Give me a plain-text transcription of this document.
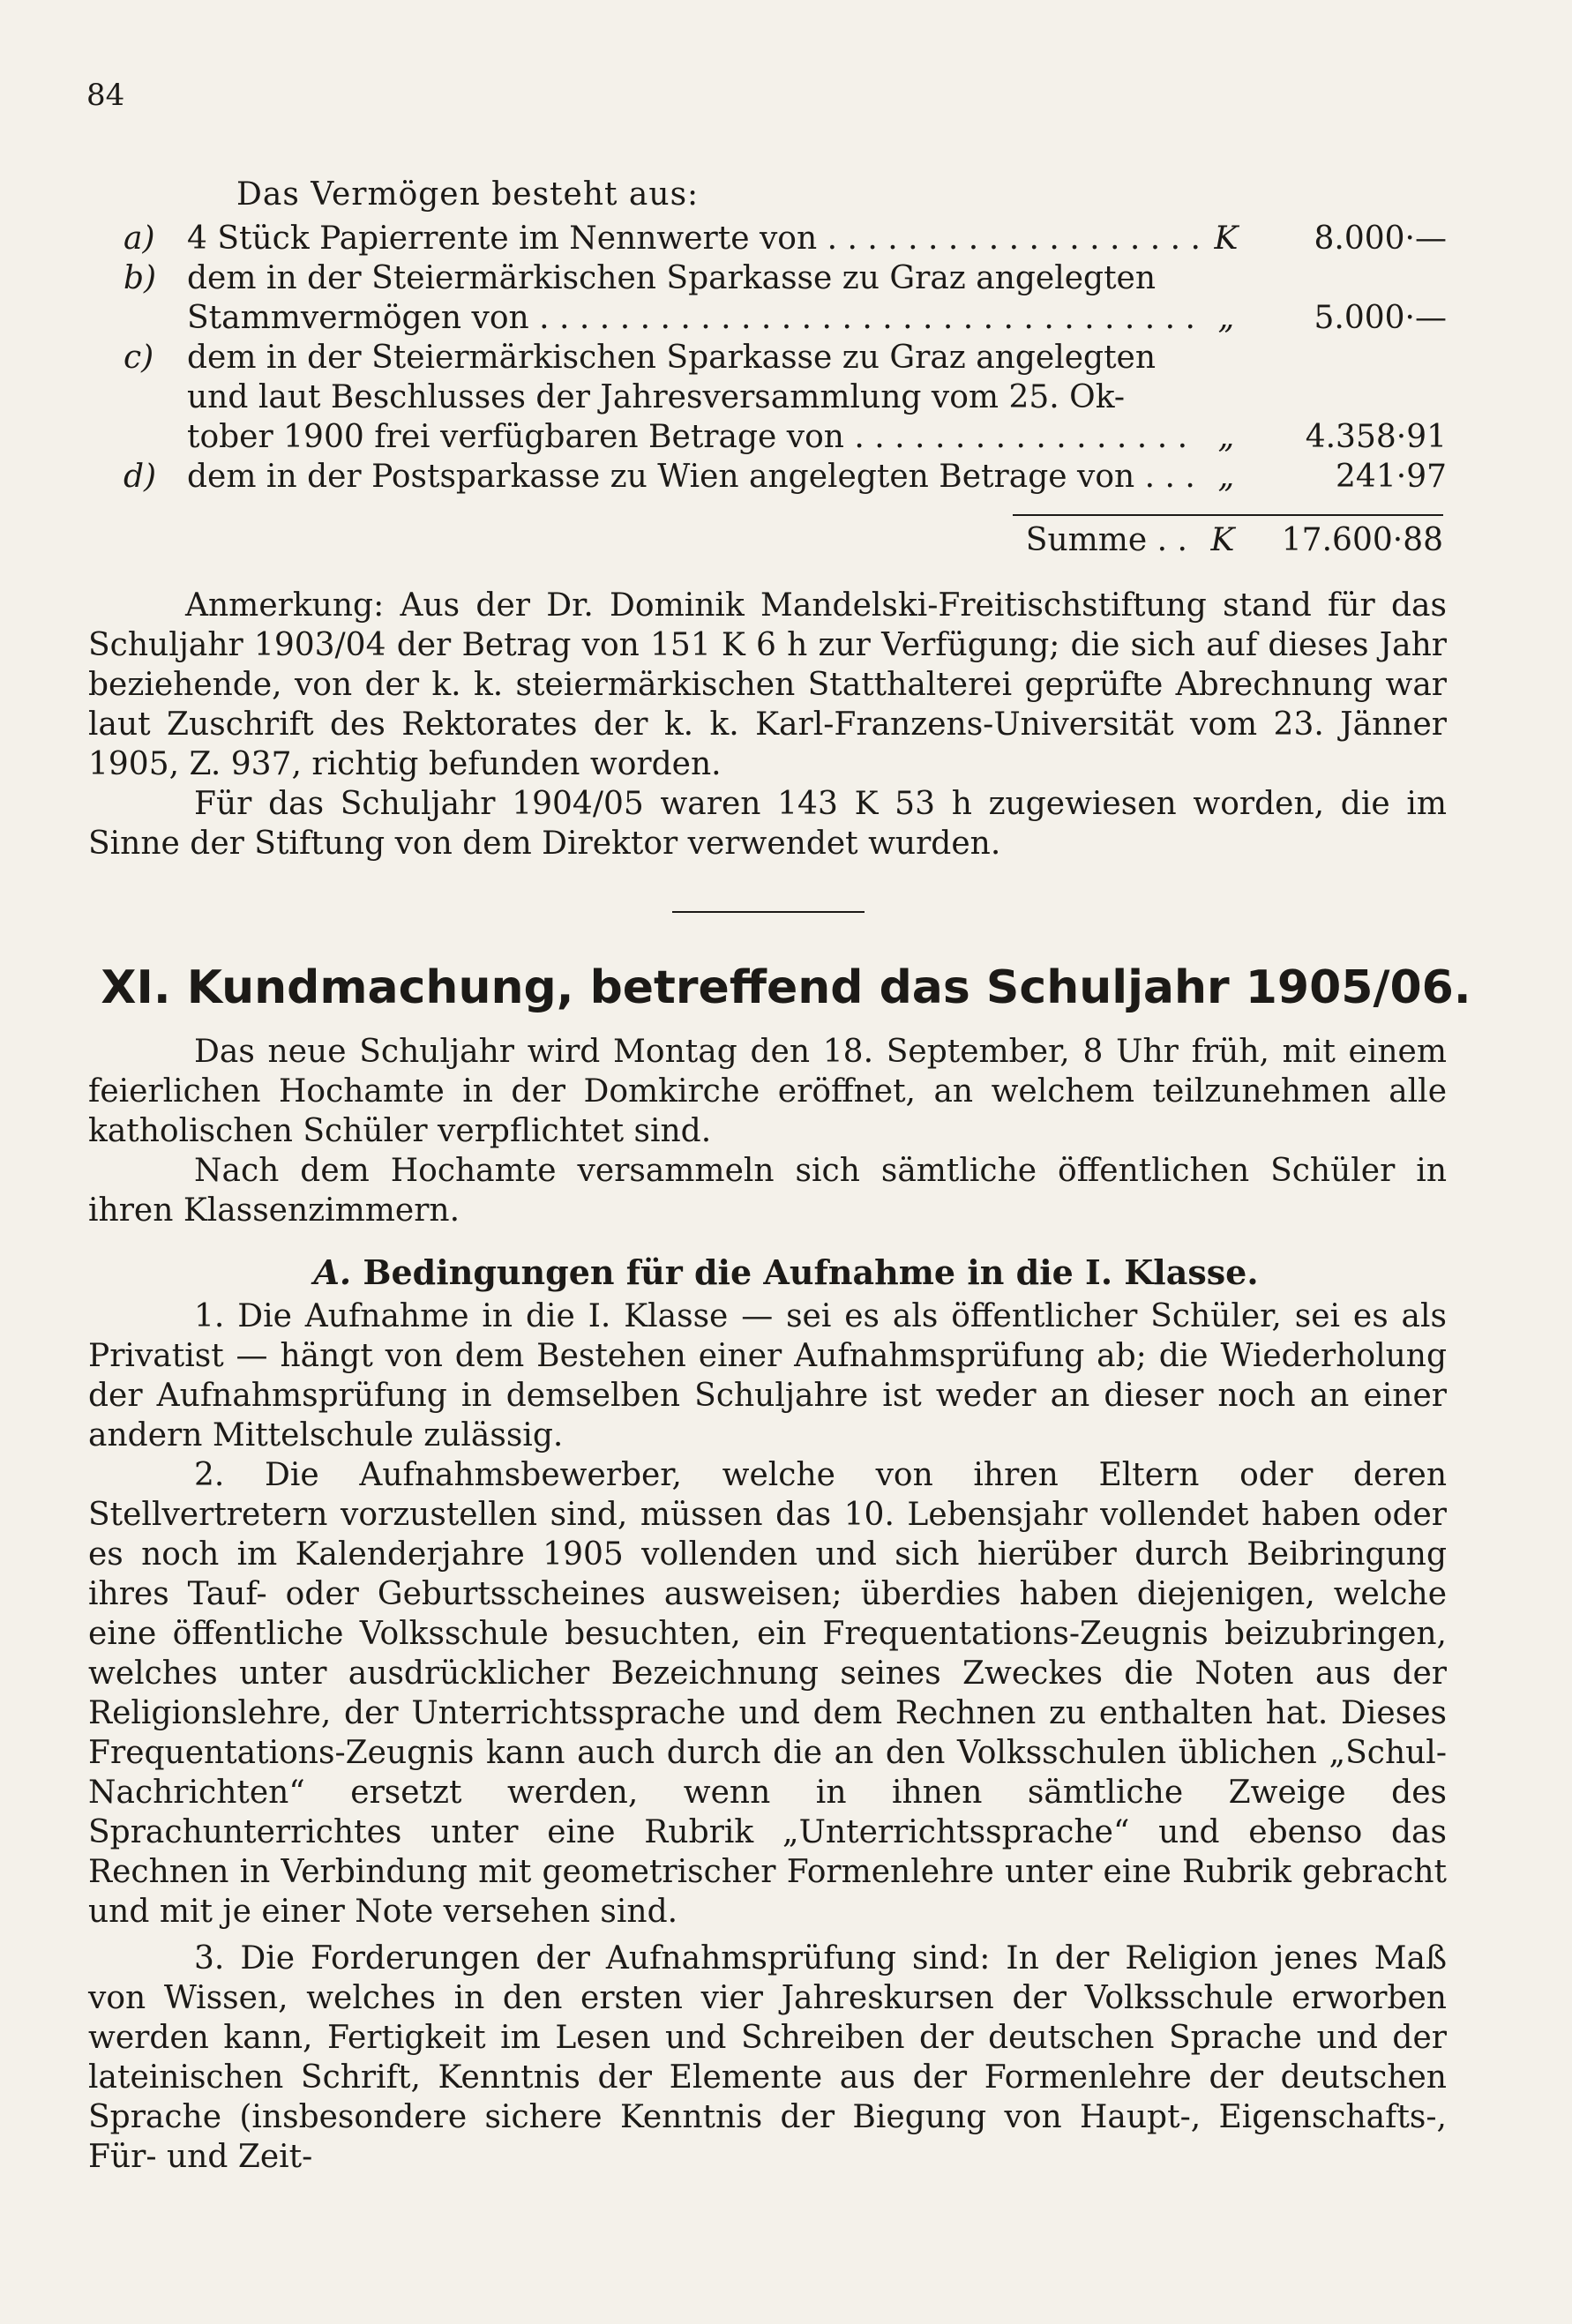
84
Das Vermögen besteht aus:
a) 4 Stück Papierrente im Nennwerte von . . .	K	8.000·—
b) dem in der Steiermärkischen Sparkasse zu Graz angelegten
Stammvermögen von . . .	„	5.000·—
c) dem in der Steiermärkischen Sparkasse zu Graz angelegten
und laut Beschlusses der Jahresversammlung vom 25. Ok-
tober 1900 frei verfügbaren Betrage von . . .	„	4.358·91
d) dem in der Postsparkasse zu Wien angelegten Betrage von . . .	„	241·97
Summe . . K	17.600·88

Anmerkung: Aus der Dr. Dominik Mandelski-Freitischstiftung stand für das Schuljahr 1903/04 der Betrag von 151 K 6 h zur Verfügung; die sich auf dieses Jahr beziehende, von der k. k. steiermärkischen Statthalterei geprüfte Abrechnung war laut Zuschrift des Rektorates der k. k. Karl-Franzens-Universität vom 23. Jänner 1905, Z. 937, richtig befunden worden.

Für das Schuljahr 1904/05 waren 143 K 53 h zugewiesen worden, die im Sinne der Stiftung von dem Direktor verwendet wurden.

XI. Kundmachung, betreffend das Schuljahr 1905/06.

Das neue Schuljahr wird Montag den 18. September, 8 Uhr früh, mit einem feierlichen Hochamte in der Domkirche eröffnet, an welchem teilzunehmen alle katholischen Schüler verpflichtet sind.

Nach dem Hochamte versammeln sich sämtliche öffentlichen Schüler in ihren Klassenzimmern.

A. Bedingungen für die Aufnahme in die I. Klasse.

1. Die Aufnahme in die I. Klasse — sei es als öffentlicher Schüler, sei es als Privatist — hängt von dem Bestehen einer Aufnahmsprüfung ab; die Wiederholung der Aufnahmsprüfung in demselben Schuljahre ist weder an dieser noch an einer andern Mittelschule zulässig.

2. Die Aufnahmsbewerber, welche von ihren Eltern oder deren Stellvertretern vorzustellen sind, müssen das 10. Lebensjahr vollendet haben oder es noch im Kalenderjahre 1905 vollenden und sich hierüber durch Beibringung ihres Tauf- oder Geburtsscheines ausweisen; überdies haben diejenigen, welche eine öffentliche Volksschule besuchten, ein Frequentations-Zeugnis beizubringen, welches unter ausdrücklicher Bezeichnung seines Zweckes die Noten aus der Religionslehre, der Unterrichtssprache und dem Rechnen zu enthalten hat. Dieses Frequentations-Zeugnis kann auch durch die an den Volksschulen üblichen „Schul-Nachrichten“ ersetzt werden, wenn in ihnen sämtliche Zweige des Sprachunterrichtes unter eine Rubrik „Unterrichtssprache“ und ebenso das Rechnen in Verbindung mit geometrischer Formenlehre unter eine Rubrik gebracht und mit je einer Note versehen sind.

3. Die Forderungen der Aufnahmsprüfung sind: In der Religion jenes Maß von Wissen, welches in den ersten vier Jahreskursen der Volksschule erworben werden kann, Fertigkeit im Lesen und Schreiben der deutschen Sprache und der lateinischen Schrift, Kenntnis der Elemente aus der Formenlehre der deutschen Sprache (insbesondere sichere Kenntnis der Biegung von Haupt-, Eigenschafts-, Für- und Zeit-
